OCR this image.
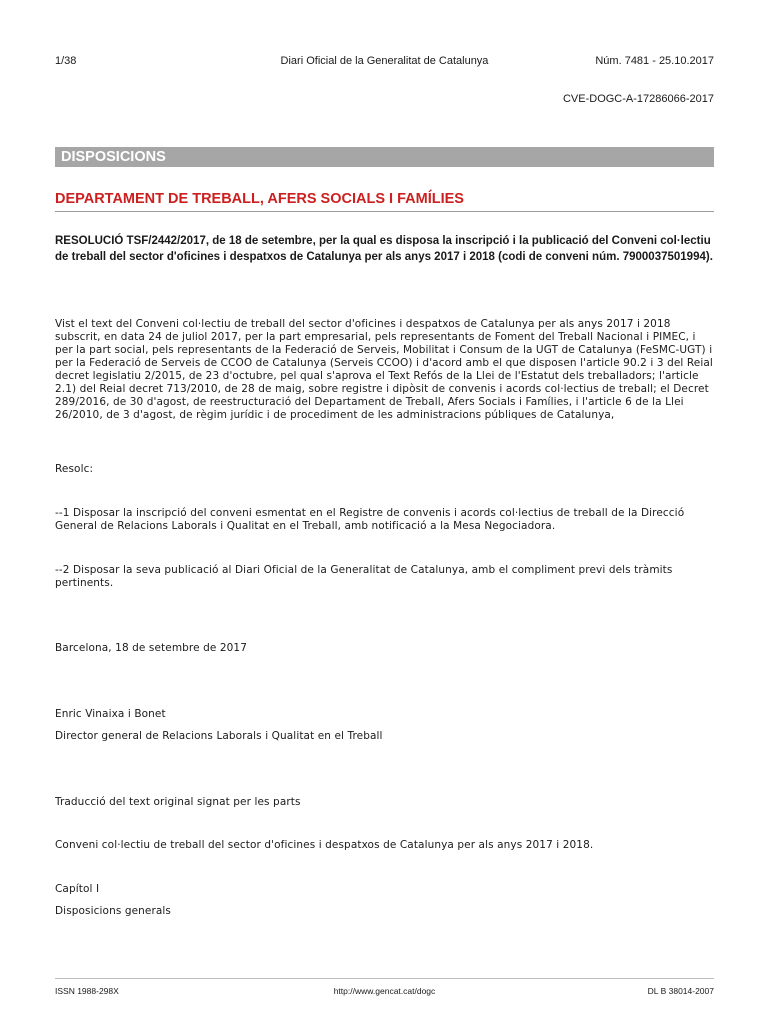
1/38	Diari Oficial de la Generalitat de Catalunya	Núm. 7481 - 25.10.2017
CVE-DOGC-A-17286066-2017
DISPOSICIONS
DEPARTAMENT DE TREBALL, AFERS SOCIALS I FAMÍLIES

RESOLUCIÓ TSF/2442/2017, de 18 de setembre, per la qual es disposa la inscripció i la publicació del Conveni col·lectiu de treball del sector d'oficines i despatxos de Catalunya per als anys 2017 i 2018 (codi de conveni núm. 7900037501994).

Vist el text del Conveni col·lectiu de treball del sector d'oficines i despatxos de Catalunya per als anys 2017 i 2018 subscrit, en data 24 de juliol 2017, per la part empresarial, pels representants de Foment del Treball Nacional i PIMEC, i per la part social, pels representants de la Federació de Serveis, Mobilitat i Consum de la UGT de Catalunya (FeSMC-UGT) i per la Federació de Serveis de CCOO de Catalunya (Serveis CCOO) i d'acord amb el que disposen l'article 90.2 i 3 del Reial decret legislatiu 2/2015, de 23 d'octubre, pel qual s'aprova el Text Refós de la Llei de l'Estatut dels treballadors; l'article 2.1) del Reial decret 713/2010, de 28 de maig, sobre registre i dipòsit de convenis i acords col·lectius de treball; el Decret 289/2016, de 30 d'agost, de reestructuració del Departament de Treball, Afers Socials i Famílies, i l'article 6 de la Llei 26/2010, de 3 d'agost, de règim jurídic i de procediment de les administracions públiques de Catalunya,

Resolc:

--1 Disposar la inscripció del conveni esmentat en el Registre de convenis i acords col·lectius de treball de la Direcció General de Relacions Laborals i Qualitat en el Treball, amb notificació a la Mesa Negociadora.

--2 Disposar la seva publicació al Diari Oficial de la Generalitat de Catalunya, amb el compliment previ dels tràmits pertinents.

Barcelona, 18 de setembre de 2017

Enric Vinaixa i Bonet

Director general de Relacions Laborals i Qualitat en el Treball

Traducció del text original signat per les parts

Conveni col·lectiu de treball del sector d'oficines i despatxos de Catalunya per als anys 2017 i 2018.

Capítol I

Disposicions generals

ISSN 1988-298X	http://www.gencat.cat/dogc	DL B 38014-2007
